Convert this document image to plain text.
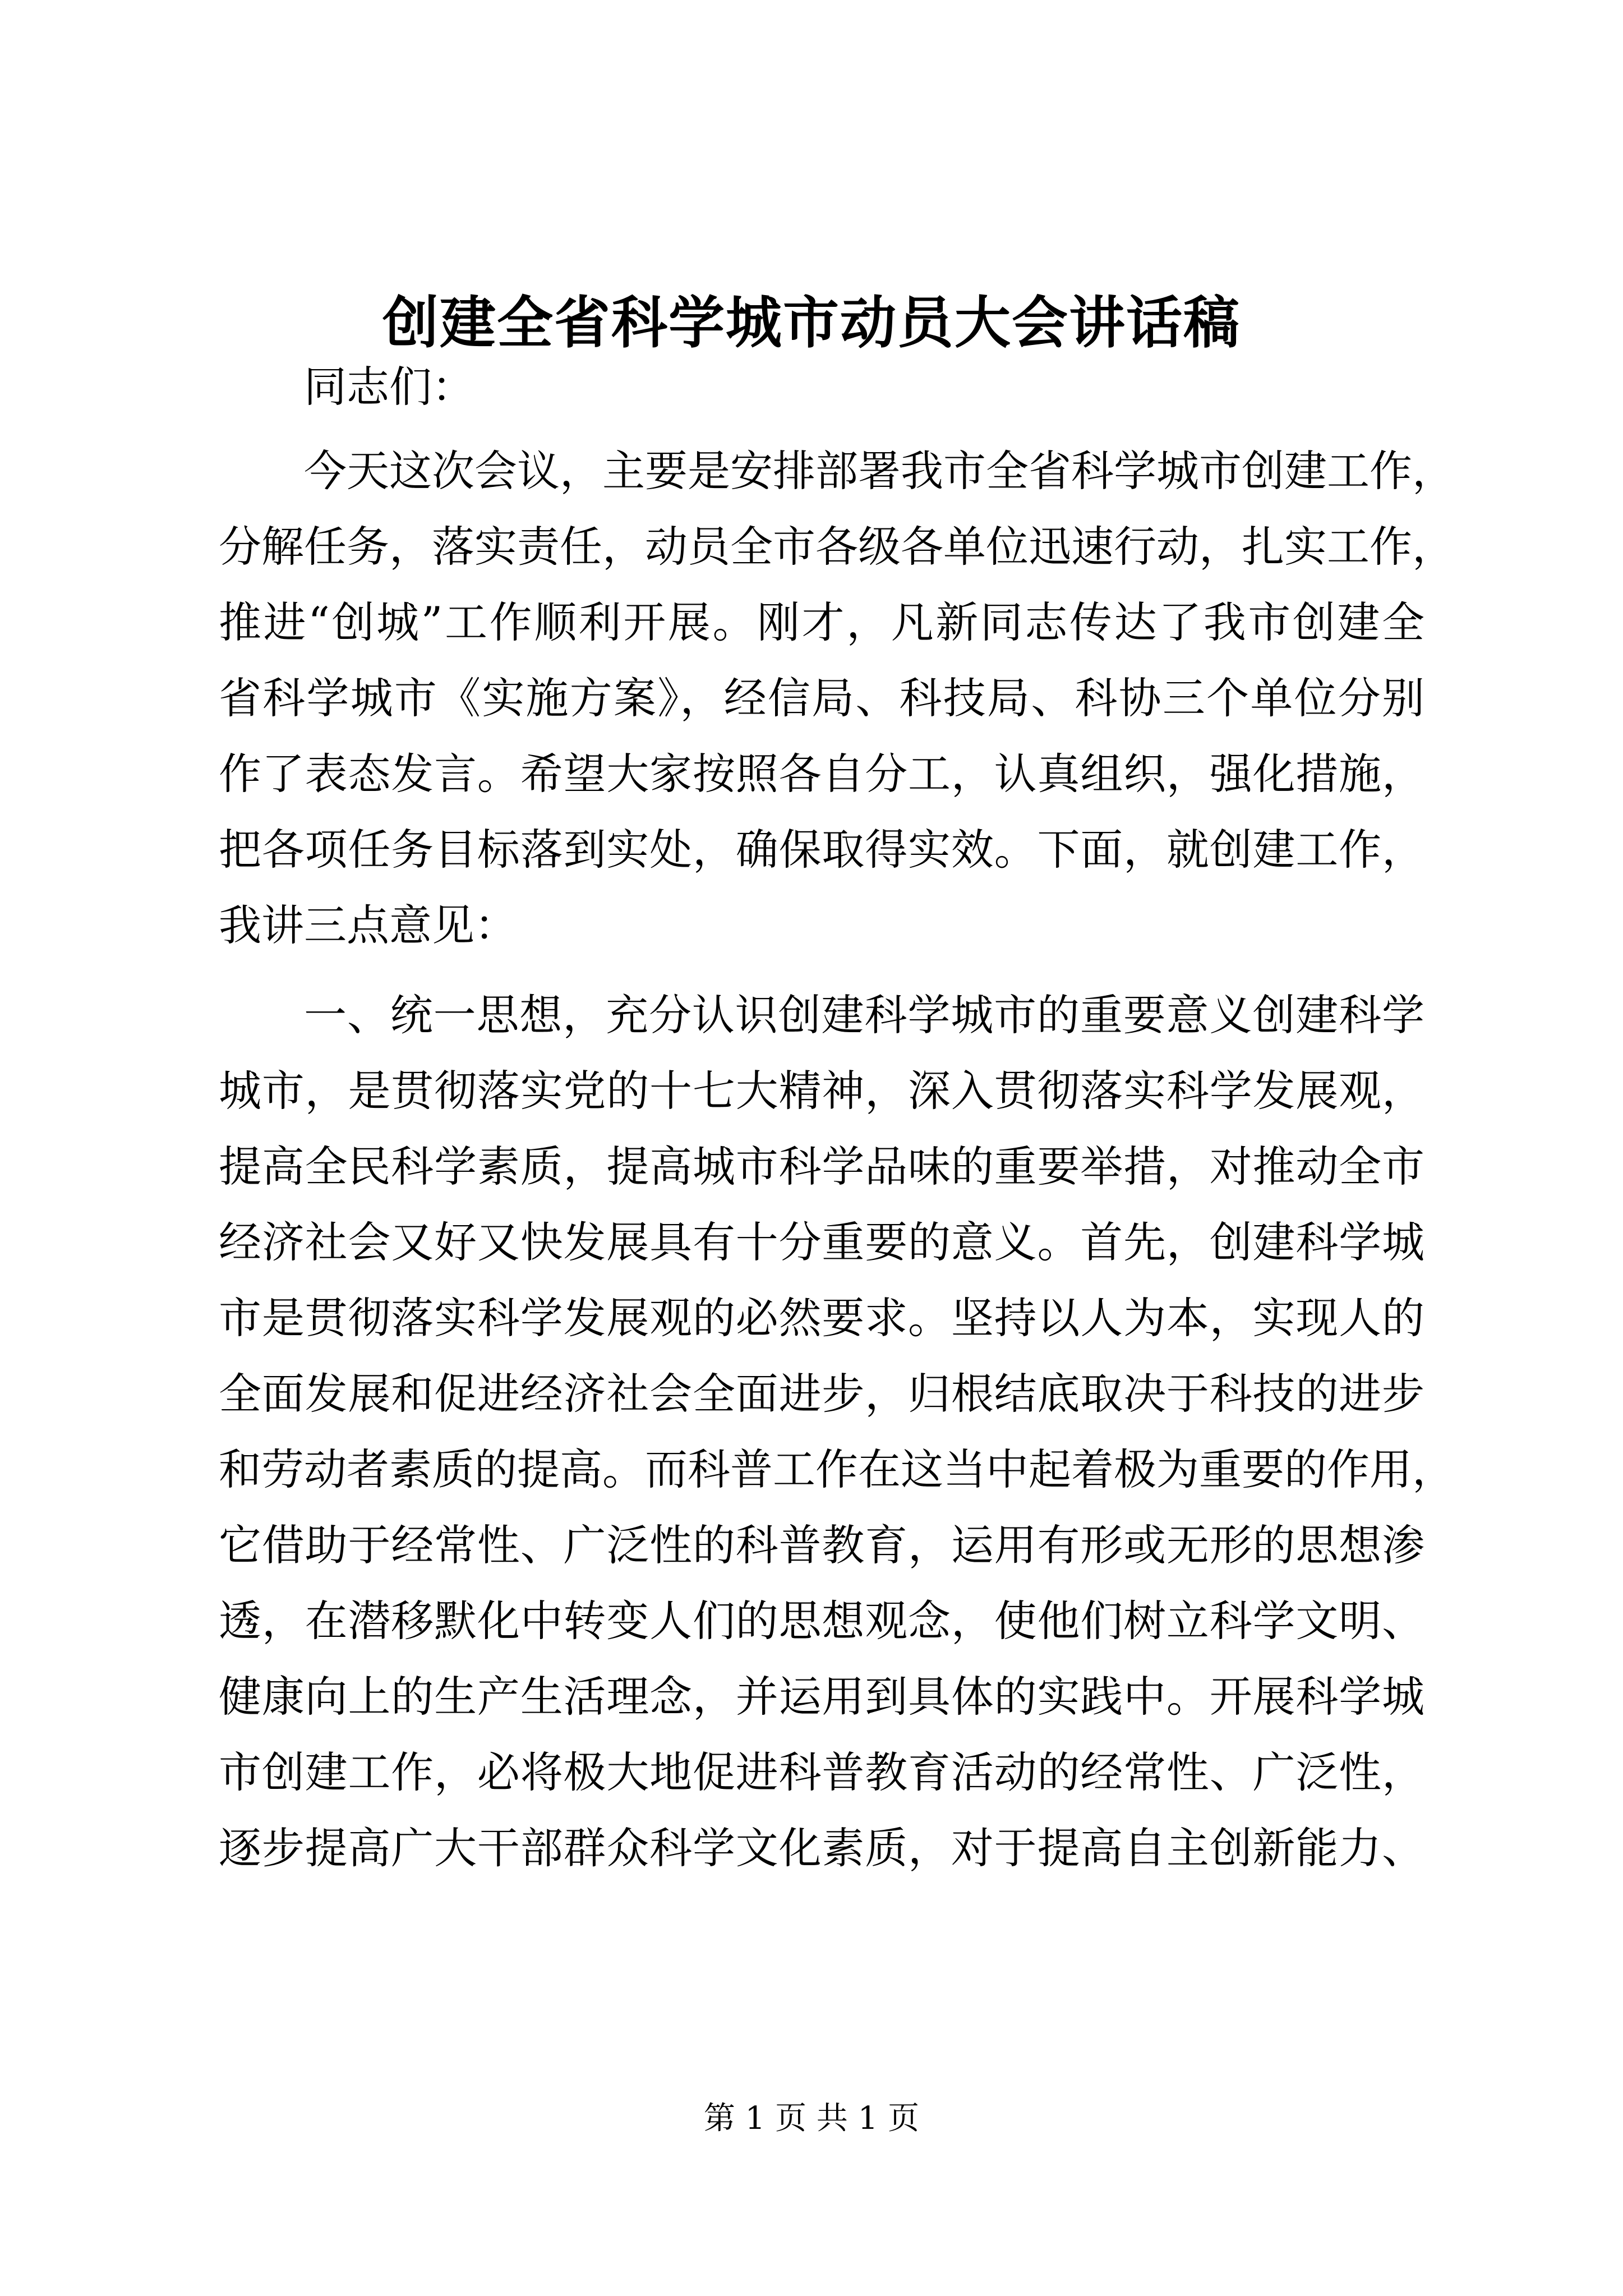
创建全省科学城市动员大会讲话稿
同志们：
今天这次会议，主要是安排部署我市全省科学城市创建工作，
分解任务，落实责任，动员全市各级各单位迅速行动，扎实工作，
推进“创城”工作顺利开展。刚才，凡新同志传达了我市创建全
省科学城市《实施方案》，经信局、科技局、科协三个单位分别
作了表态发言。希望大家按照各自分工，认真组织，强化措施，
把各项任务目标落到实处，确保取得实效。下面，就创建工作，
我讲三点意见：
一、统一思想，充分认识创建科学城市的重要意义创建科学
城市，是贯彻落实党的十七大精神，深入贯彻落实科学发展观，
提高全民科学素质，提高城市科学品味的重要举措，对推动全市
经济社会又好又快发展具有十分重要的意义。首先，创建科学城
市是贯彻落实科学发展观的必然要求。坚持以人为本，实现人的
全面发展和促进经济社会全面进步，归根结底取决于科技的进步
和劳动者素质的提高。而科普工作在这当中起着极为重要的作用，
它借助于经常性、广泛性的科普教育，运用有形或无形的思想渗
透，在潜移默化中转变人们的思想观念，使他们树立科学文明、
健康向上的生产生活理念，并运用到具体的实践中。开展科学城
市创建工作，必将极大地促进科普教育活动的经常性、广泛性，
逐步提高广大干部群众科学文化素质，对于提高自主创新能力、
第 1 页 共 1 页
